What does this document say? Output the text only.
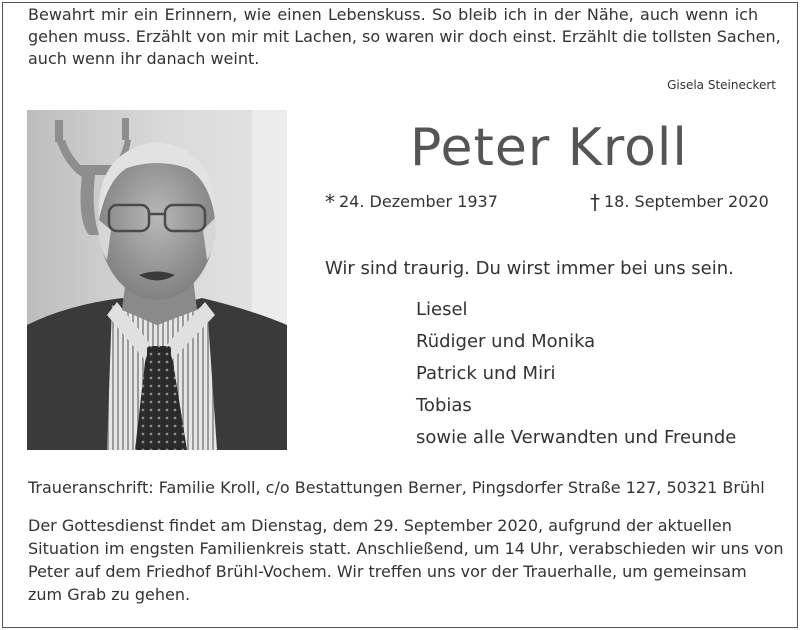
Bewahrt mir ein Erinnern, wie einen Lebenskuss. So bleib ich in der Nähe, auch wenn ich
gehen muss. Erzählt von mir mit Lachen, so waren wir doch einst. Erzählt die tollsten Sachen,
auch wenn ihr danach weint.
Gisela Steineckert
Peter Kroll
* 24. Dezember 1937	† 18. September 2020
Wir sind traurig. Du wirst immer bei uns sein.
Liesel
Rüdiger und Monika
Patrick und Miri
Tobias
sowie alle Verwandten und Freunde
Traueranschrift: Familie Kroll, c/o Bestattungen Berner, Pingsdorfer Straße 127, 50321 Brühl
Der Gottesdienst findet am Dienstag, dem 29. September 2020, aufgrund der aktuellen
Situation im engsten Familienkreis statt. Anschließend, um 14 Uhr, verabschieden wir uns von
Peter auf dem Friedhof Brühl-Vochem. Wir treffen uns vor der Trauerhalle, um gemeinsam
zum Grab zu gehen.
